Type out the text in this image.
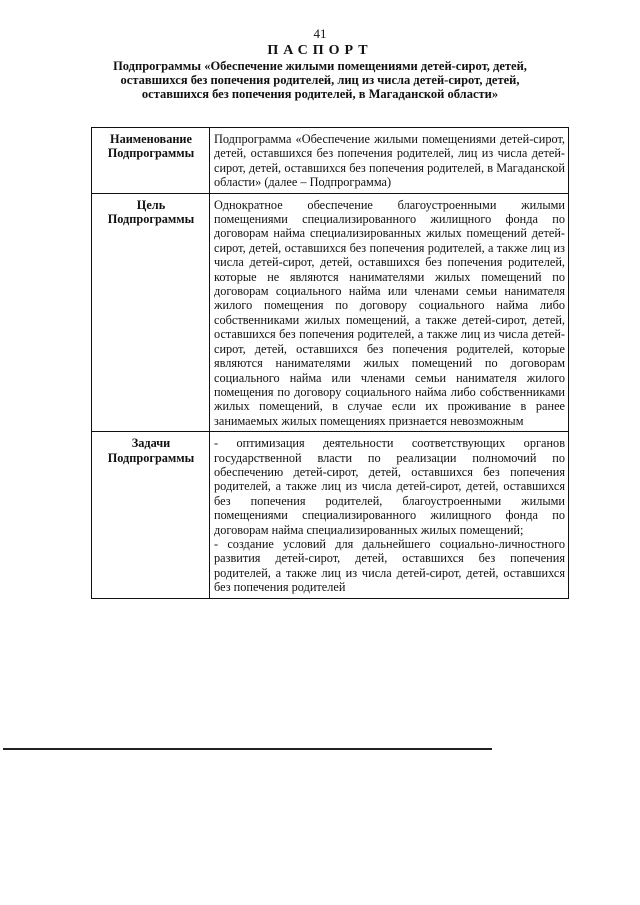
41
ПАСПОРТ
Подпрограммы «Обеспечение жилыми помещениями детей-сирот, детей, оставшихся без попечения родителей, лиц из числа детей-сирот, детей, оставшихся без попечения родителей, в Магаданской области»
Наименование Подпрограммы	Подпрограмма «Обеспечение жилыми помещениями детей-сирот, детей, оставшихся без попечения родителей, лиц из числа детей-сирот, детей, оставшихся без попечения родителей, в Магаданской области» (далее – Подпрограмма)
Цель Подпрограммы	Однократное обеспечение благоустроенными жилыми помещениями специализированного жилищного фонда по договорам найма специализированных жилых помещений детей-сирот, детей, оставшихся без попечения родителей, а также лиц из числа детей-сирот, детей, оставшихся без попечения родителей, которые не являются нанимателями жилых помещений по договорам социального найма или членами семьи нанимателя жилого помещения по договору социального найма либо собственниками жилых помещений, а также детей-сирот, детей, оставшихся без попечения родителей, а также лиц из числа детей-сирот, детей, оставшихся без попечения родителей, которые являются нанимателями жилых помещений по договорам социального найма или членами семьи нанимателя жилого помещения по договору социального найма либо собственниками жилых помещений, в случае если их проживание в ранее занимаемых жилых помещениях признается невозможным
Задачи Подпрограммы	- оптимизация деятельности соответствующих органов государственной власти по реализации полномочий по обеспечению детей-сирот, детей, оставшихся без попечения родителей, а также лиц из числа детей-сирот, детей, оставшихся без попечения родителей, благоустроенными жилыми помещениями специализированного жилищного фонда по договорам найма специализированных жилых помещений;
- создание условий для дальнейшего социально-личностного развития детей-сирот, детей, оставшихся без попечения родителей, а также лиц из числа детей-сирот, детей, оставшихся без попечения родителей
